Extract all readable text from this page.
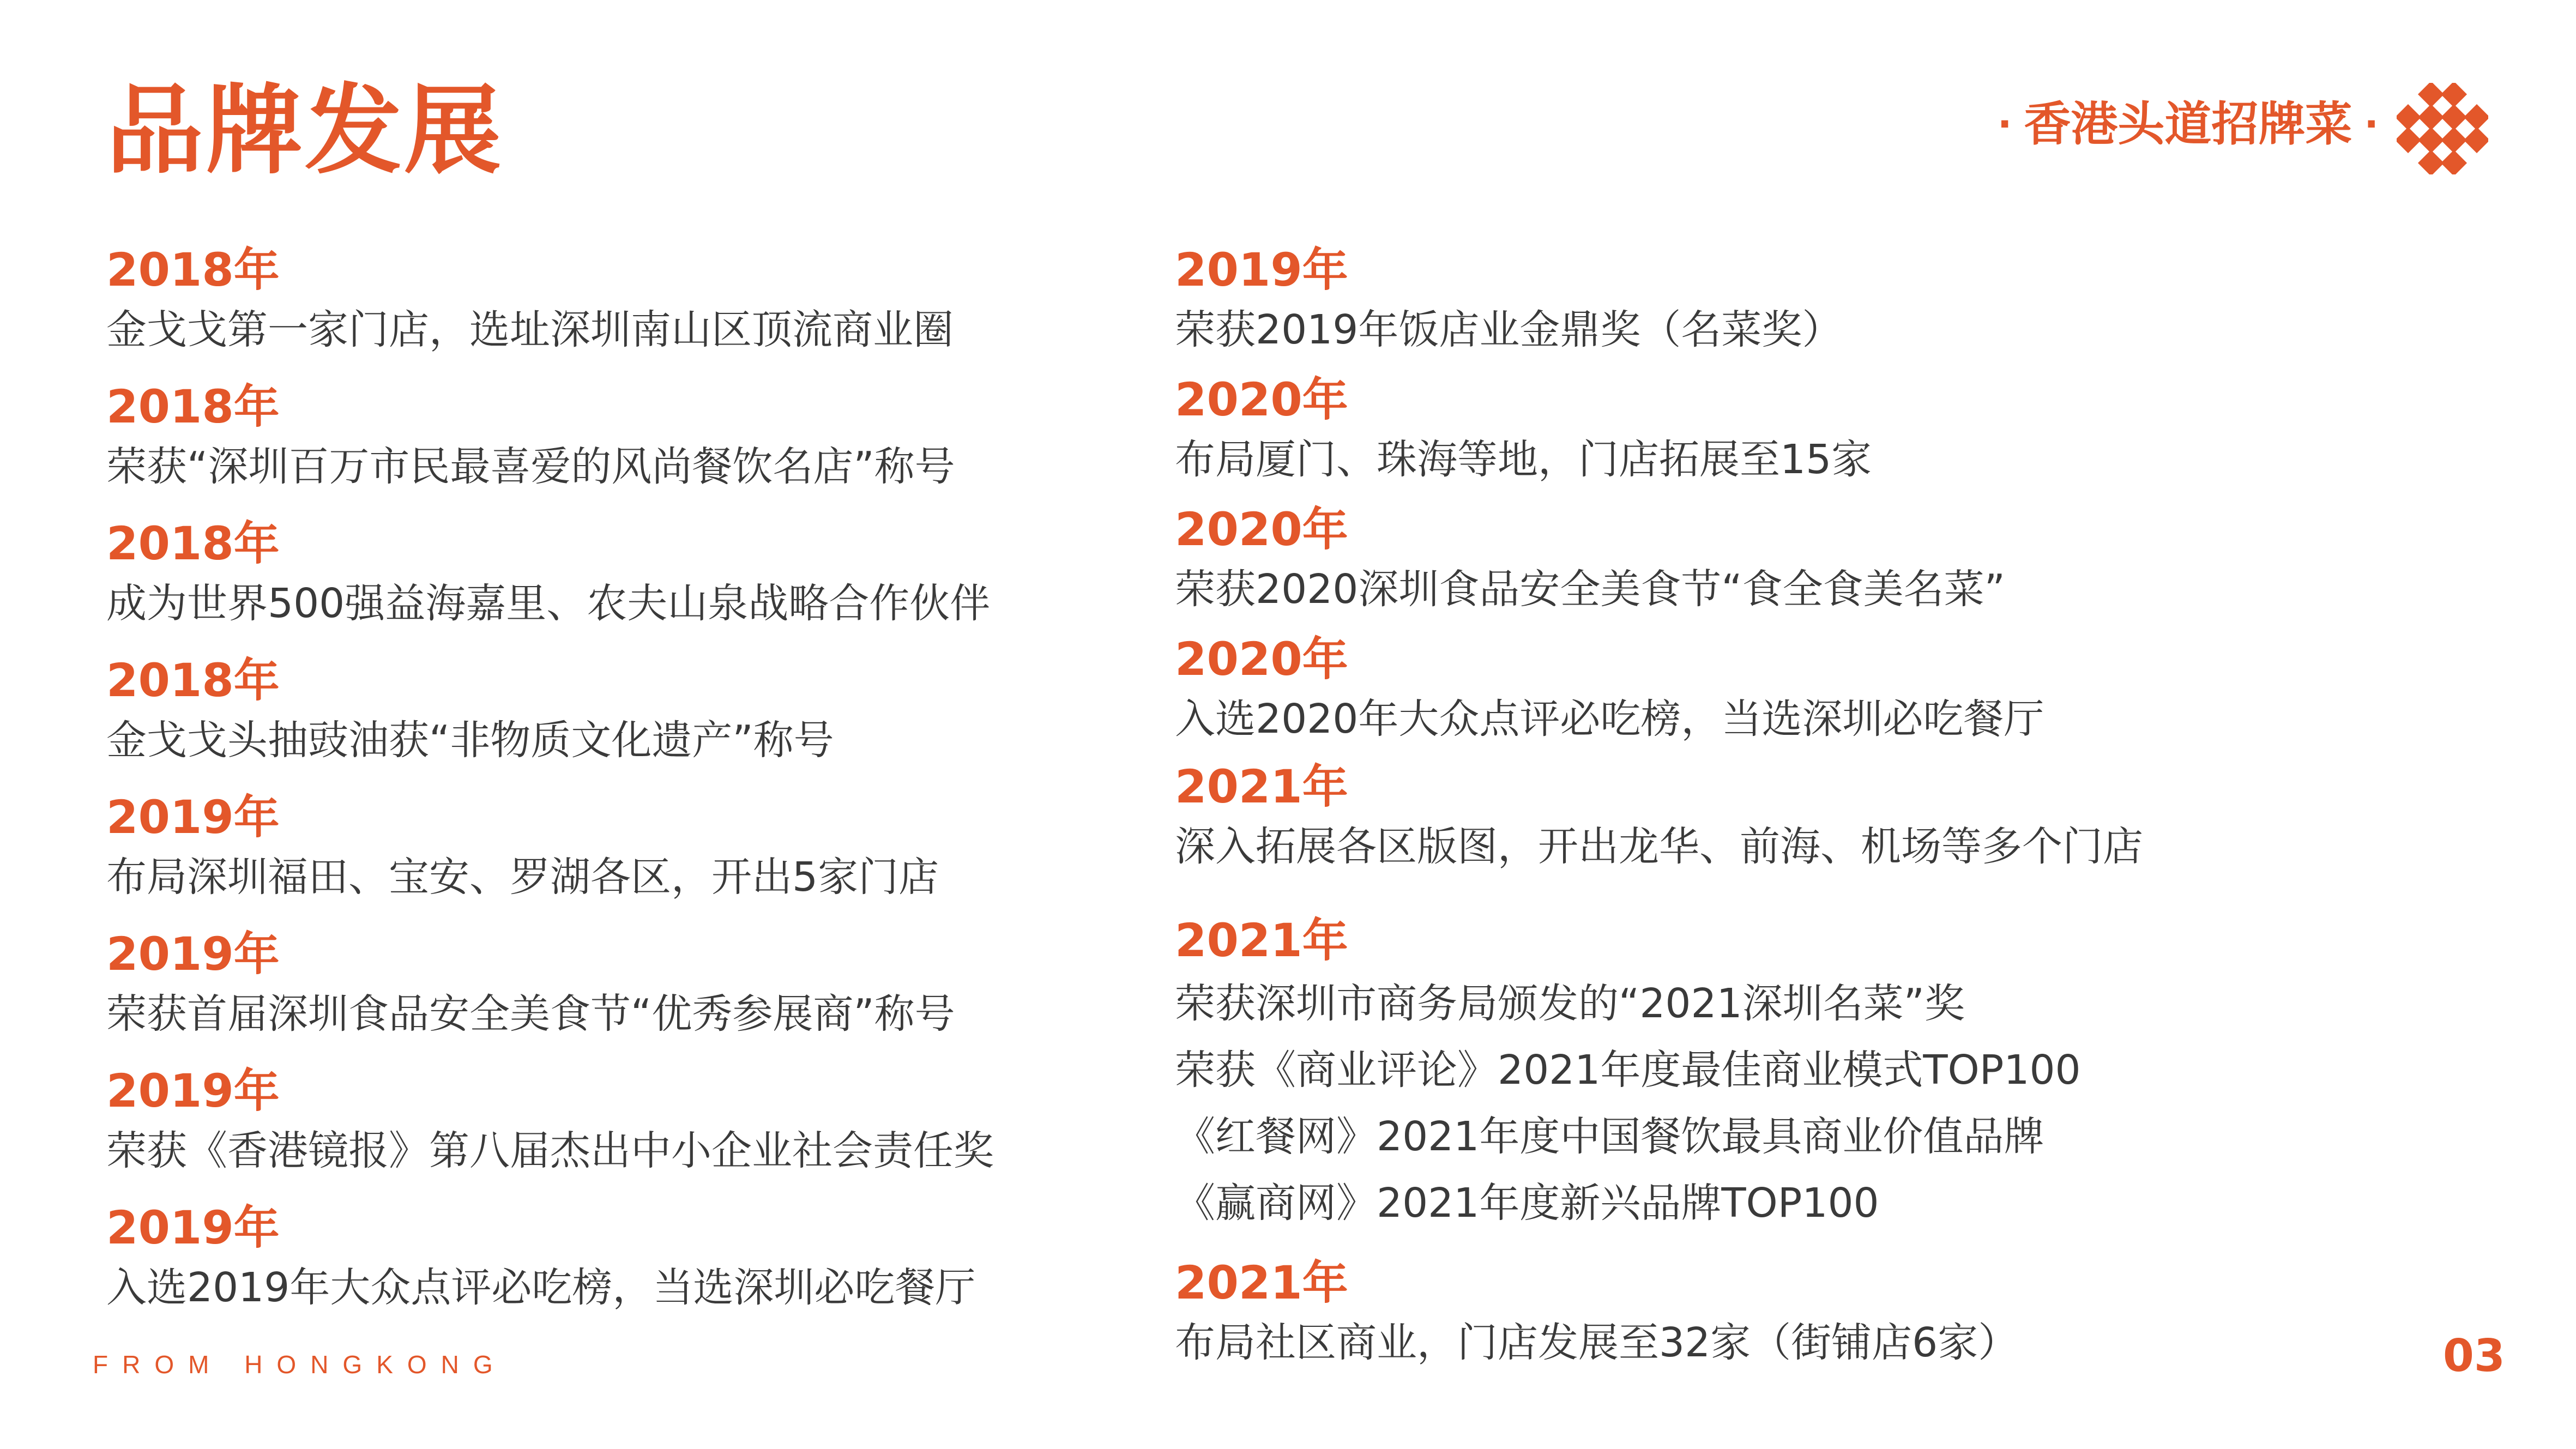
品牌发展	· 香港头道招牌菜 ·
2018年
金戈戈第一家门店，选址深圳南山区顶流商业圈
2018年
荣获“深圳百万市民最喜爱的风尚餐饮名店”称号
2018年
成为世界500强益海嘉里、农夫山泉战略合作伙伴
2018年
金戈戈头抽豉油获“非物质文化遗产”称号
2019年
布局深圳福田、宝安、罗湖各区，开出5家门店
2019年
荣获首届深圳食品安全美食节“优秀参展商”称号
2019年
荣获《香港镜报》第八届杰出中小企业社会责任奖
2019年
入选2019年大众点评必吃榜，当选深圳必吃餐厅
2019年
荣获2019年饭店业金鼎奖（名菜奖）
2020年
布局厦门、珠海等地，门店拓展至15家
2020年
荣获2020深圳食品安全美食节“食全食美名菜”
2020年
入选2020年大众点评必吃榜，当选深圳必吃餐厅
2021年
深入拓展各区版图，开出龙华、前海、机场等多个门店
2021年
荣获深圳市商务局颁发的“2021深圳名菜”奖
荣获《商业评论》2021年度最佳商业模式TOP100
《红餐网》2021年度中国餐饮最具商业价值品牌
《赢商网》2021年度新兴品牌TOP100
2021年
布局社区商业，门店发展至32家（街铺店6家）
FROM HONGKONG	03
